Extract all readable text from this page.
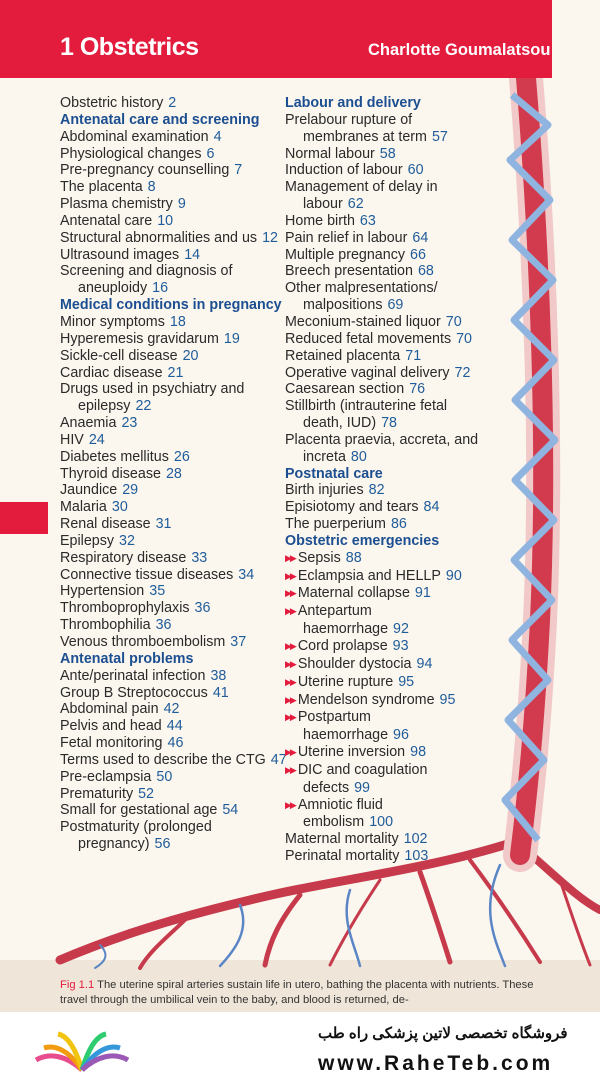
1 Obstetrics	Charlotte Goumalatsou
Obstetric history 2
Antenatal care and screening
Abdominal examination 4
Physiological changes 6
Pre-pregnancy counselling 7
The placenta 8
Plasma chemistry 9
Antenatal care 10
Structural abnormalities and us 12
Ultrasound images 14
Screening and diagnosis of
aneuploidy 16
Medical conditions in pregnancy
Minor symptoms 18
Hyperemesis gravidarum 19
Sickle-cell disease 20
Cardiac disease 21
Drugs used in psychiatry and
epilepsy 22
Anaemia 23
HIV 24
Diabetes mellitus 26
Thyroid disease 28
Jaundice 29
Malaria 30
Renal disease 31
Epilepsy 32
Respiratory disease 33
Connective tissue diseases 34
Hypertension 35
Thromboprophylaxis 36
Thrombophilia 36
Venous thromboembolism 37
Antenatal problems
Ante/perinatal infection 38
Group B Streptococcus 41
Abdominal pain 42
Pelvis and head 44
Fetal monitoring 46
Terms used to describe the CTG 47
Pre-eclampsia 50
Prematurity 52
Small for gestational age 54
Postmaturity (prolonged
pregnancy) 56
Labour and delivery
Prelabour rupture of
membranes at term 57
Normal labour 58
Induction of labour 60
Management of delay in
labour 62
Home birth 63
Pain relief in labour 64
Multiple pregnancy 66
Breech presentation 68
Other malpresentations/
malpositions 69
Meconium-stained liquor 70
Reduced fetal movements 70
Retained placenta 71
Operative vaginal delivery 72
Caesarean section 76
Stillbirth (intrauterine fetal
death, IUD) 78
Placenta praevia, accreta, and
increta 80
Postnatal care
Birth injuries 82
Episiotomy and tears 84
The puerperium 86
Obstetric emergencies
▶▶ Sepsis 88
▶▶ Eclampsia and HELLP 90
▶▶ Maternal collapse 91
▶▶ Antepartum
haemorrhage 92
▶▶ Cord prolapse 93
▶▶ Shoulder dystocia 94
▶▶ Uterine rupture 95
▶▶ Mendelson syndrome 95
▶▶ Postpartum
haemorrhage 96
▶▶ Uterine inversion 98
▶▶ DIC and coagulation
defects 99
▶▶ Amniotic fluid
embolism 100
Maternal mortality 102
Perinatal mortality 103
Fig 1.1 The uterine spiral arteries sustain life in utero, bathing the placenta with nutrients. These travel through the umbilical vein to the baby, and blood is returned, de-
فروشگاه تخصصی لاتین پزشکی راه طب
www.RaheTeb.com
